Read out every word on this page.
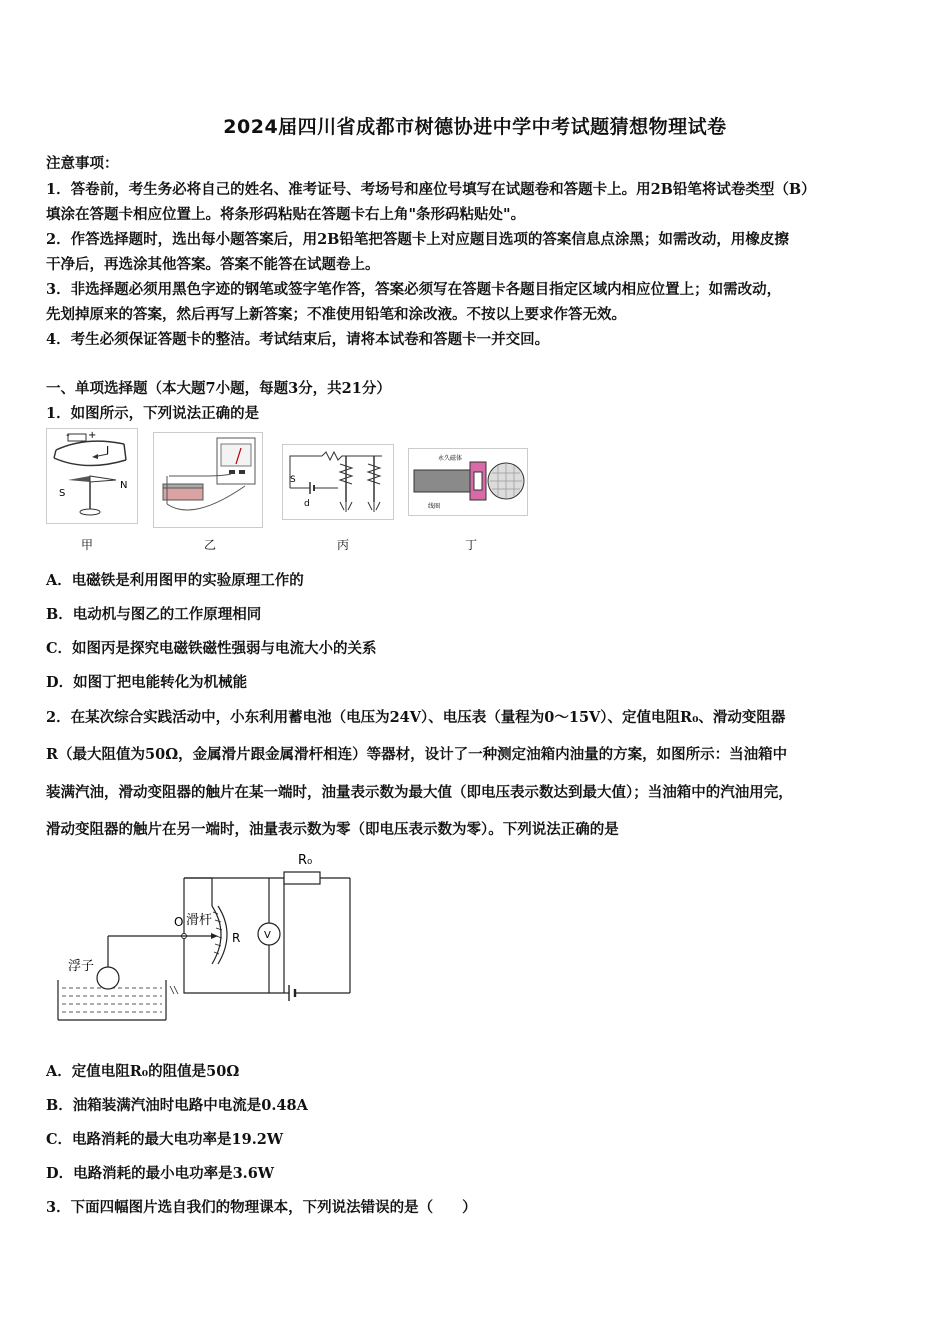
2024届四川省成都市树德协进中学中考试题猜想物理试卷
注意事项：
1．答卷前，考生务必将自己的姓名、准考证号、考场号和座位号填写在试题卷和答题卡上。用2B铅笔将试卷类型（B）
填涂在答题卡相应位置上。将条形码粘贴在答题卡右上角"条形码粘贴处"。
2．作答选择题时，选出每小题答案后，用2B铅笔把答题卡上对应题目选项的答案信息点涂黑；如需改动，用橡皮擦
干净后，再选涂其他答案。答案不能答在试题卷上。
3．非选择题必须用黑色字迹的钢笔或签字笔作答，答案必须写在答题卡各题目指定区域内相应位置上；如需改动，
先划掉原来的答案，然后再写上新答案；不准使用铅笔和涂改液。不按以上要求作答无效。
4．考生必须保证答题卡的整洁。考试结束后，请将本试卷和答题卡一并交回。
一、单项选择题（本大题7小题，每题3分，共21分）
1．如图所示，下列说法正确的是
- +
I
S
N	S
d
永久磁体
线圈
甲	乙	丙	丁
A．电磁铁是利用图甲的实验原理工作的
B．电动机与图乙的工作原理相同
C．如图丙是探究电磁铁磁性强弱与电流大小的关系
D．如图丁把电能转化为机械能
2．在某次综合实践活动中，小东利用蓄电池（电压为24V）、电压表（量程为0～15V）、定值电阻R₀、滑动变阻器
R（最大阻值为50Ω，金属滑片跟金属滑杆相连）等器材，设计了一种测定油箱内油量的方案，如图所示：当油箱中
装满汽油，滑动变阻器的触片在某一端时，油量表示数为最大值（即电压表示数达到最大值）；当油箱中的汽油用完，
滑动变阻器的触片在另一端时，油量表示数为零（即电压表示数为零）。下列说法正确的是
R₀
O 滑杆
R V
浮子
A．定值电阻R₀的阻值是50Ω
B．油箱装满汽油时电路中电流是0.48A
C．电路消耗的最大电功率是19.2W
D．电路消耗的最小电功率是3.6W
3．下面四幅图片选自我们的物理课本，下列说法错误的是（　　）
